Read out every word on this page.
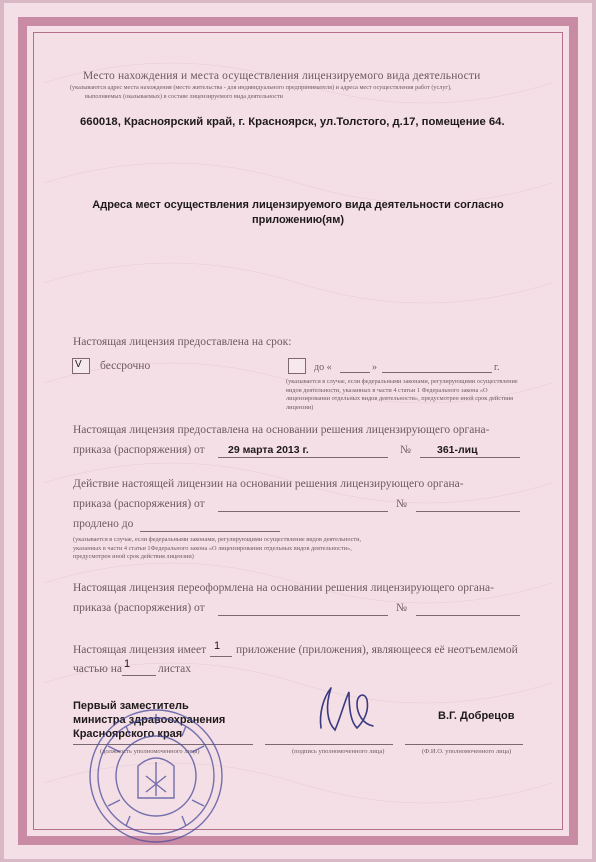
Место нахождения и места осуществления лицензируемого вида деятельности
(указываются адрес места нахождения (место жительства - для индивидуального предпринимателя) и адреса мест осуществления работ (услуг),
выполняемых (оказываемых) в составе лицензируемого вида деятельности
660018, Красноярский край, г. Красноярск, ул.Толстого, д.17, помещение 64.
Адреса мест осуществления лицензируемого вида деятельности согласно
приложению(ям)
Настоящая лицензия предоставлена на срок:
V бессрочно	до «	»	г.
(указывается в случае, если федеральными законами, регулирующими осуществление видов деятельности, указанных в части 4 статьи 1 Федерального закона «О лицензировании отдельных видов деятельности», предусмотрен иной срок действия лицензии)
Настоящая лицензия предоставлена на основании решения лицензирующего органа-
приказа (распоряжения) от 29 марта 2013 г.	№ 361-лиц
Действие настоящей лицензии на основании решения лицензирующего органа-
приказа (распоряжения) от	№
продлено до
(указывается в случае, если федеральными законами, регулирующими осуществление видов деятельности, указанных в части 4 статьи 1Федерального закона «О лицензировании отдельных видов деятельности», предусмотрен иной срок действия лицензии)
Настоящая лицензия переоформлена на основании решения лицензирующего органа-
приказа (распоряжения) от	№
Настоящая лицензия имеет 1 приложение (приложения), являющееся её неотъемлемой
частью на 1 листах
Первый заместитель
министра здравоохранения
Красноярского края
(должность уполномоченного лица)	(подпись уполномоченного лица)
В.Г. Добрецов
(Ф.И.О. уполномоченного лица)
